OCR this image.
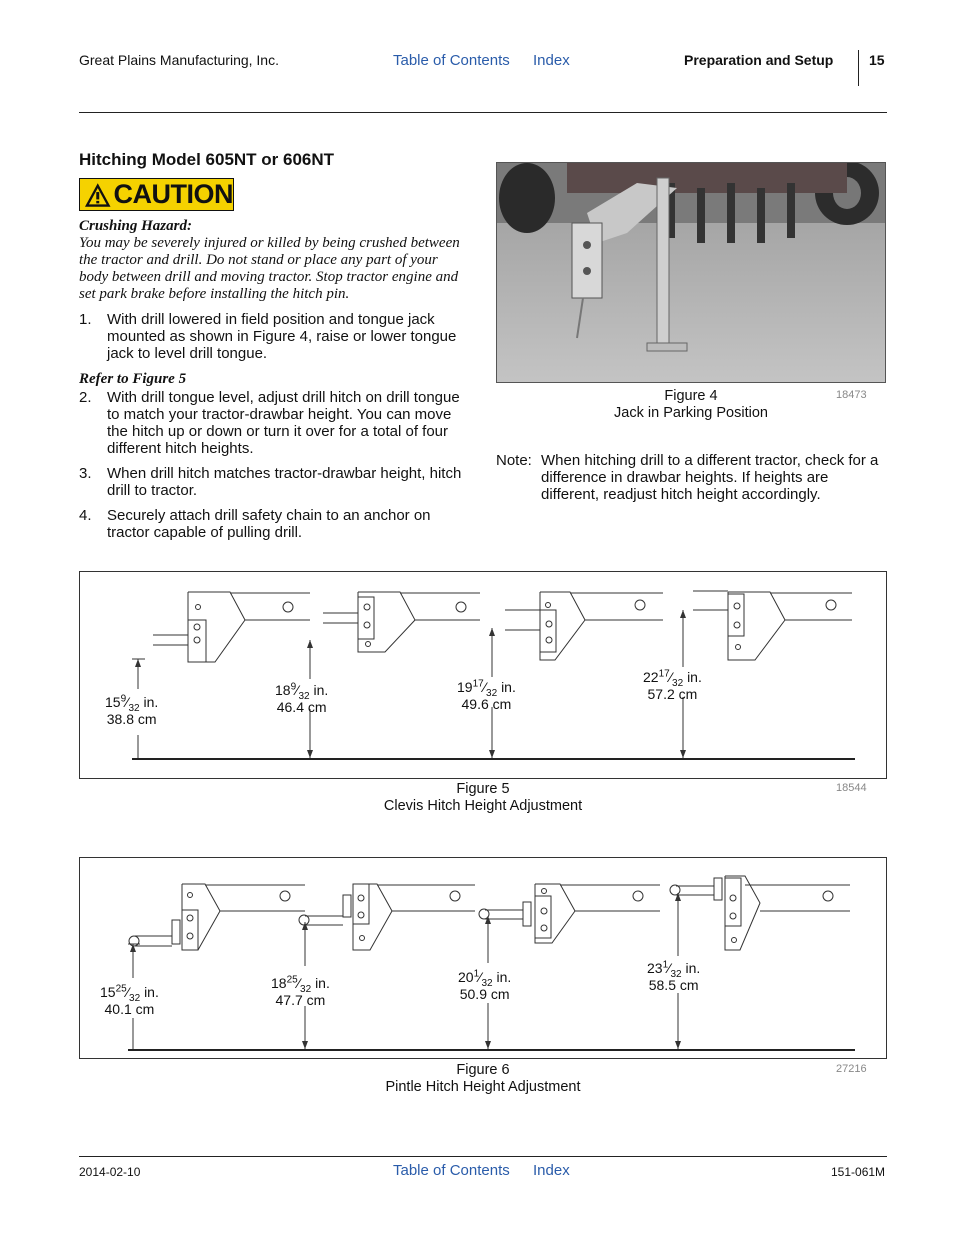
Great Plains Manufacturing, Inc.	Table of Contents Index	Preparation and Setup	15
Hitching Model 605NT or 606NT
CAUTION
Crushing Hazard:
You may be severely injured or killed by being crushed between the tractor and drill. Do not stand or place any part of your body between drill and moving tractor. Stop tractor engine and set park brake before installing the hitch pin.
1. With drill lowered in field position and tongue jack mounted as shown in Figure 4, raise or lower tongue jack to level drill tongue.
Refer to Figure 5
2. With drill tongue level, adjust drill hitch on drill tongue to match your tractor-drawbar height. You can move the hitch up or down or turn it over for a total of four different hitch heights.
3. When drill hitch matches tractor-drawbar height, hitch drill to tractor.
4. Securely attach drill safety chain to an anchor on tractor capable of pulling drill.
Figure 4
Jack in Parking Position
18473
Note: When hitching drill to a different tractor, check for a difference in drawbar heights. If heights are different, readjust hitch height accordingly.
$15^9⁄_{32}$ in.
38.8 cm
$18^9⁄_{32}$ in.
46.4 cm
$19^{17}⁄_{32}$ in.
49.6 cm
$22^{17}⁄_{32}$ in.
57.2 cm
Figure 5
Clevis Hitch Height Adjustment
18544
$15^{25}⁄_{32}$ in.
40.1 cm
$18^{25}⁄_{32}$ in.
47.7 cm
$20^1⁄_{32}$ in.
50.9 cm
$23^1⁄_{32}$ in.
58.5 cm
Figure 6
Pintle Hitch Height Adjustment
27216
2014-02-10	Table of Contents Index	151-061M
